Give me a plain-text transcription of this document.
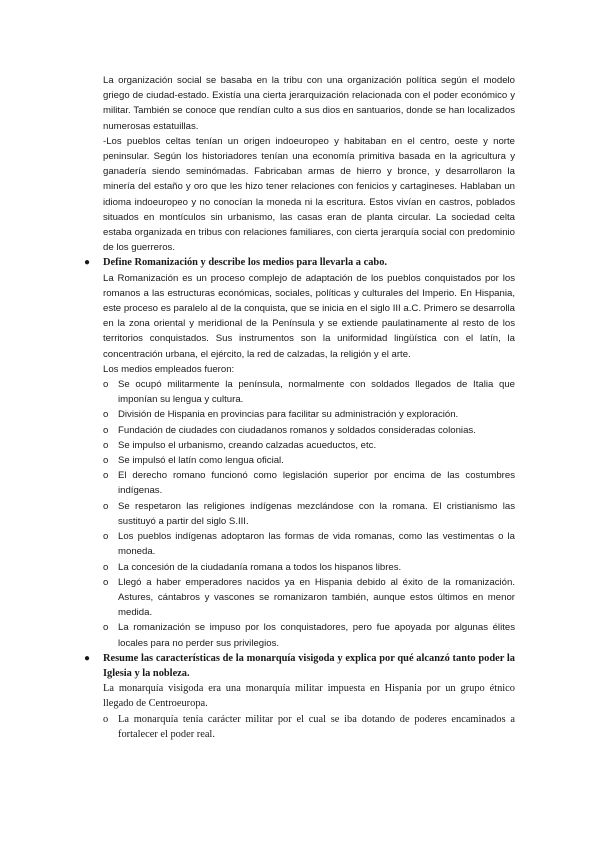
La organización social se basaba en la tribu con una organización política según el modelo griego de ciudad-estado. Existía una cierta jerarquización relacionada con el poder económico y militar. También se conoce que rendían culto a sus dios en santuarios, donde se han localizados numerosas estatuillas.

-Los pueblos celtas tenían un origen indoeuropeo y habitaban en el centro, oeste y norte peninsular. Según los historiadores tenían una economía primitiva basada en la agricultura y ganadería siendo seminómadas. Fabricaban armas de hierro y bronce, y desarrollaron la minería del estaño y oro que les hizo tener relaciones con fenicios y cartagineses. Hablaban un idioma indoeuropeo y no conocían la moneda ni la escritura. Estos vivían en castros, poblados situados en montículos sin urbanismo, las casas eran de planta circular. La sociedad celta estaba organizada en tribus con relaciones familiares, con cierta jerarquía social con predominio de los guerreros.

● Define Romanización y describe los medios para llevarla a cabo.

La Romanización es un proceso complejo de adaptación de los pueblos conquistados por los romanos a las estructuras económicas, sociales, políticas y culturales del Imperio. En Hispania, este proceso es paralelo al de la conquista, que se inicia en el siglo III a.C. Primero se desarrolla en la zona oriental y meridional de la Península y se extiende paulatinamente al resto de los territorios conquistados. Sus instrumentos son la uniformidad lingüística con el latín, la concentración urbana, el ejército, la red de calzadas, la religión y el arte.

Los medios empleados fueron:

o Se ocupó militarmente la península, normalmente con soldados llegados de Italia que imponían su lengua y cultura.
o División de Hispania en provincias para facilitar su administración y exploración.
o Fundación de ciudades con ciudadanos romanos y soldados consideradas colonias.
o Se impulso el urbanismo, creando calzadas acueductos, etc.
o Se impulsó el latín como lengua oficial.
o El derecho romano funcionó como legislación superior por encima de las costumbres indígenas.
o Se respetaron las religiones indígenas mezclándose con la romana. El cristianismo las sustituyó a partir del siglo S.III.
o Los pueblos indígenas adoptaron las formas de vida romanas, como las vestimentas o la moneda.
o La concesión de la ciudadanía romana a todos los hispanos libres.
o Llegó a haber emperadores nacidos ya en Hispania debido al éxito de la romanización. Astures, cántabros y vascones se romanizaron también, aunque estos últimos en menor medida.
o La romanización se impuso por los conquistadores, pero fue apoyada por algunas élites locales para no perder sus privilegios.
● Resume las características de la monarquía visigoda y explica por qué alcanzó tanto poder la Iglesia y la nobleza.

La monarquía visigoda era una monarquía militar impuesta en Hispania por un grupo étnico llegado de Centroeuropa.

o La monarquía tenía carácter militar por el cual se iba dotando de poderes encaminados a fortalecer el poder real.
